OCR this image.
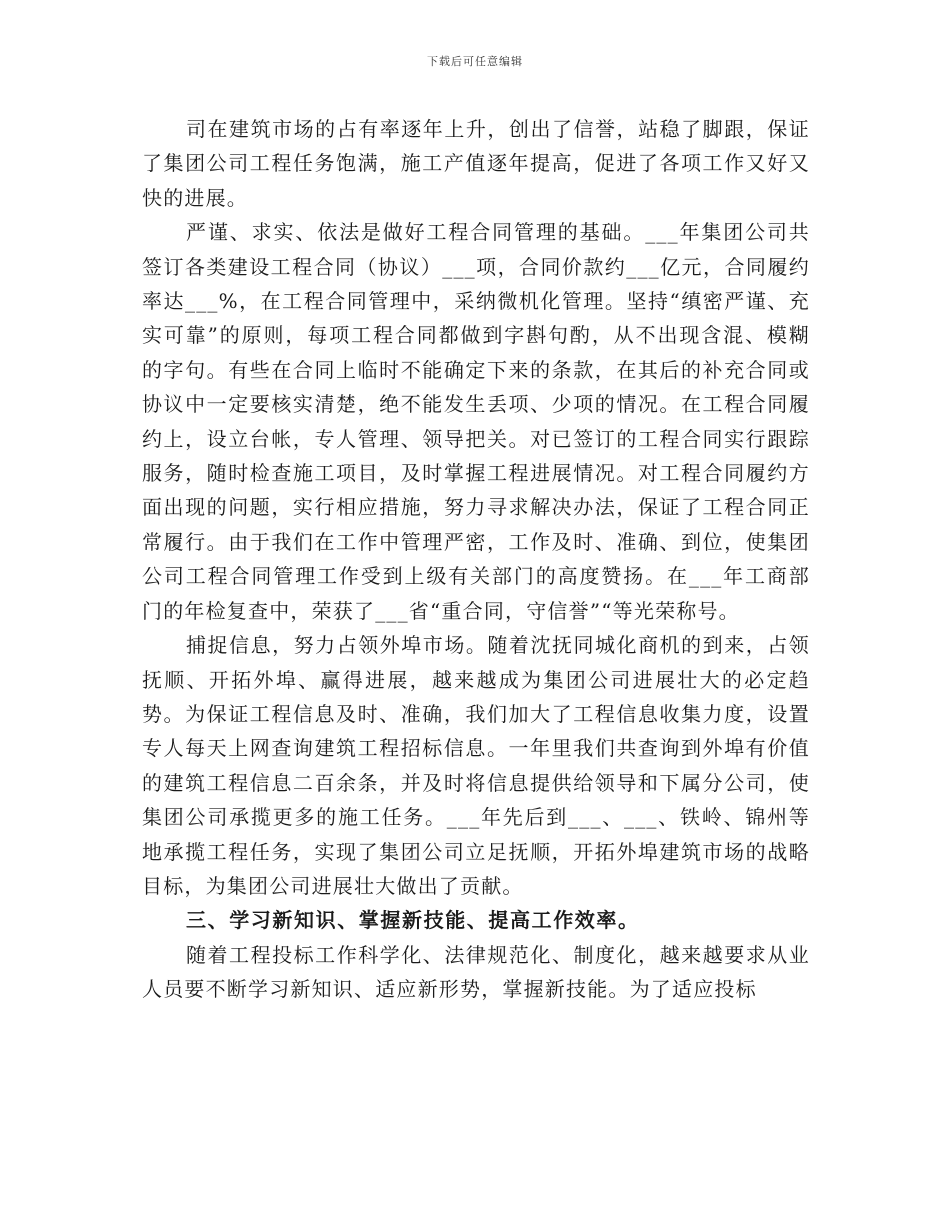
下载后可任意编辑

司在建筑市场的占有率逐年上升，创出了信誉，站稳了脚跟，保证了集团公司工程任务饱满，施工产值逐年提高，促进了各项工作又好又快的进展。

严谨、求实、依法是做好工程合同管理的基础。___年集团公司共签订各类建设工程合同（协议）___项，合同价款约___亿元，合同履约率达___%，在工程合同管理中，采纳微机化管理。坚持“缜密严谨、充实可靠”的原则，每项工程合同都做到字斟句酌，从不出现含混、模糊的字句。有些在合同上临时不能确定下来的条款，在其后的补充合同或协议中一定要核实清楚，绝不能发生丢项、少项的情况。在工程合同履约上，设立台帐，专人管理、领导把关。对已签订的工程合同实行跟踪服务，随时检查施工项目，及时掌握工程进展情况。对工程合同履约方面出现的问题，实行相应措施，努力寻求解决办法，保证了工程合同正常履行。由于我们在工作中管理严密，工作及时、准确、到位，使集团公司工程合同管理工作受到上级有关部门的高度赞扬。在___年工商部门的年检复查中，荣获了___省“重合同，守信誉”“等光荣称号。

捕捉信息，努力占领外埠市场。随着沈抚同城化商机的到来，占领抚顺、开拓外埠、赢得进展，越来越成为集团公司进展壮大的必定趋势。为保证工程信息及时、准确，我们加大了工程信息收集力度，设置专人每天上网查询建筑工程招标信息。一年里我们共查询到外埠有价值的建筑工程信息二百余条，并及时将信息提供给领导和下属分公司，使集团公司承揽更多的施工任务。___年先后到___、___、铁岭、锦州等地承揽工程任务，实现了集团公司立足抚顺，开拓外埠建筑市场的战略目标，为集团公司进展壮大做出了贡献。

三、学习新知识、掌握新技能、提高工作效率。

随着工程投标工作科学化、法律规范化、制度化，越来越要求从业人员要不断学习新知识、适应新形势，掌握新技能。为了适应投标
